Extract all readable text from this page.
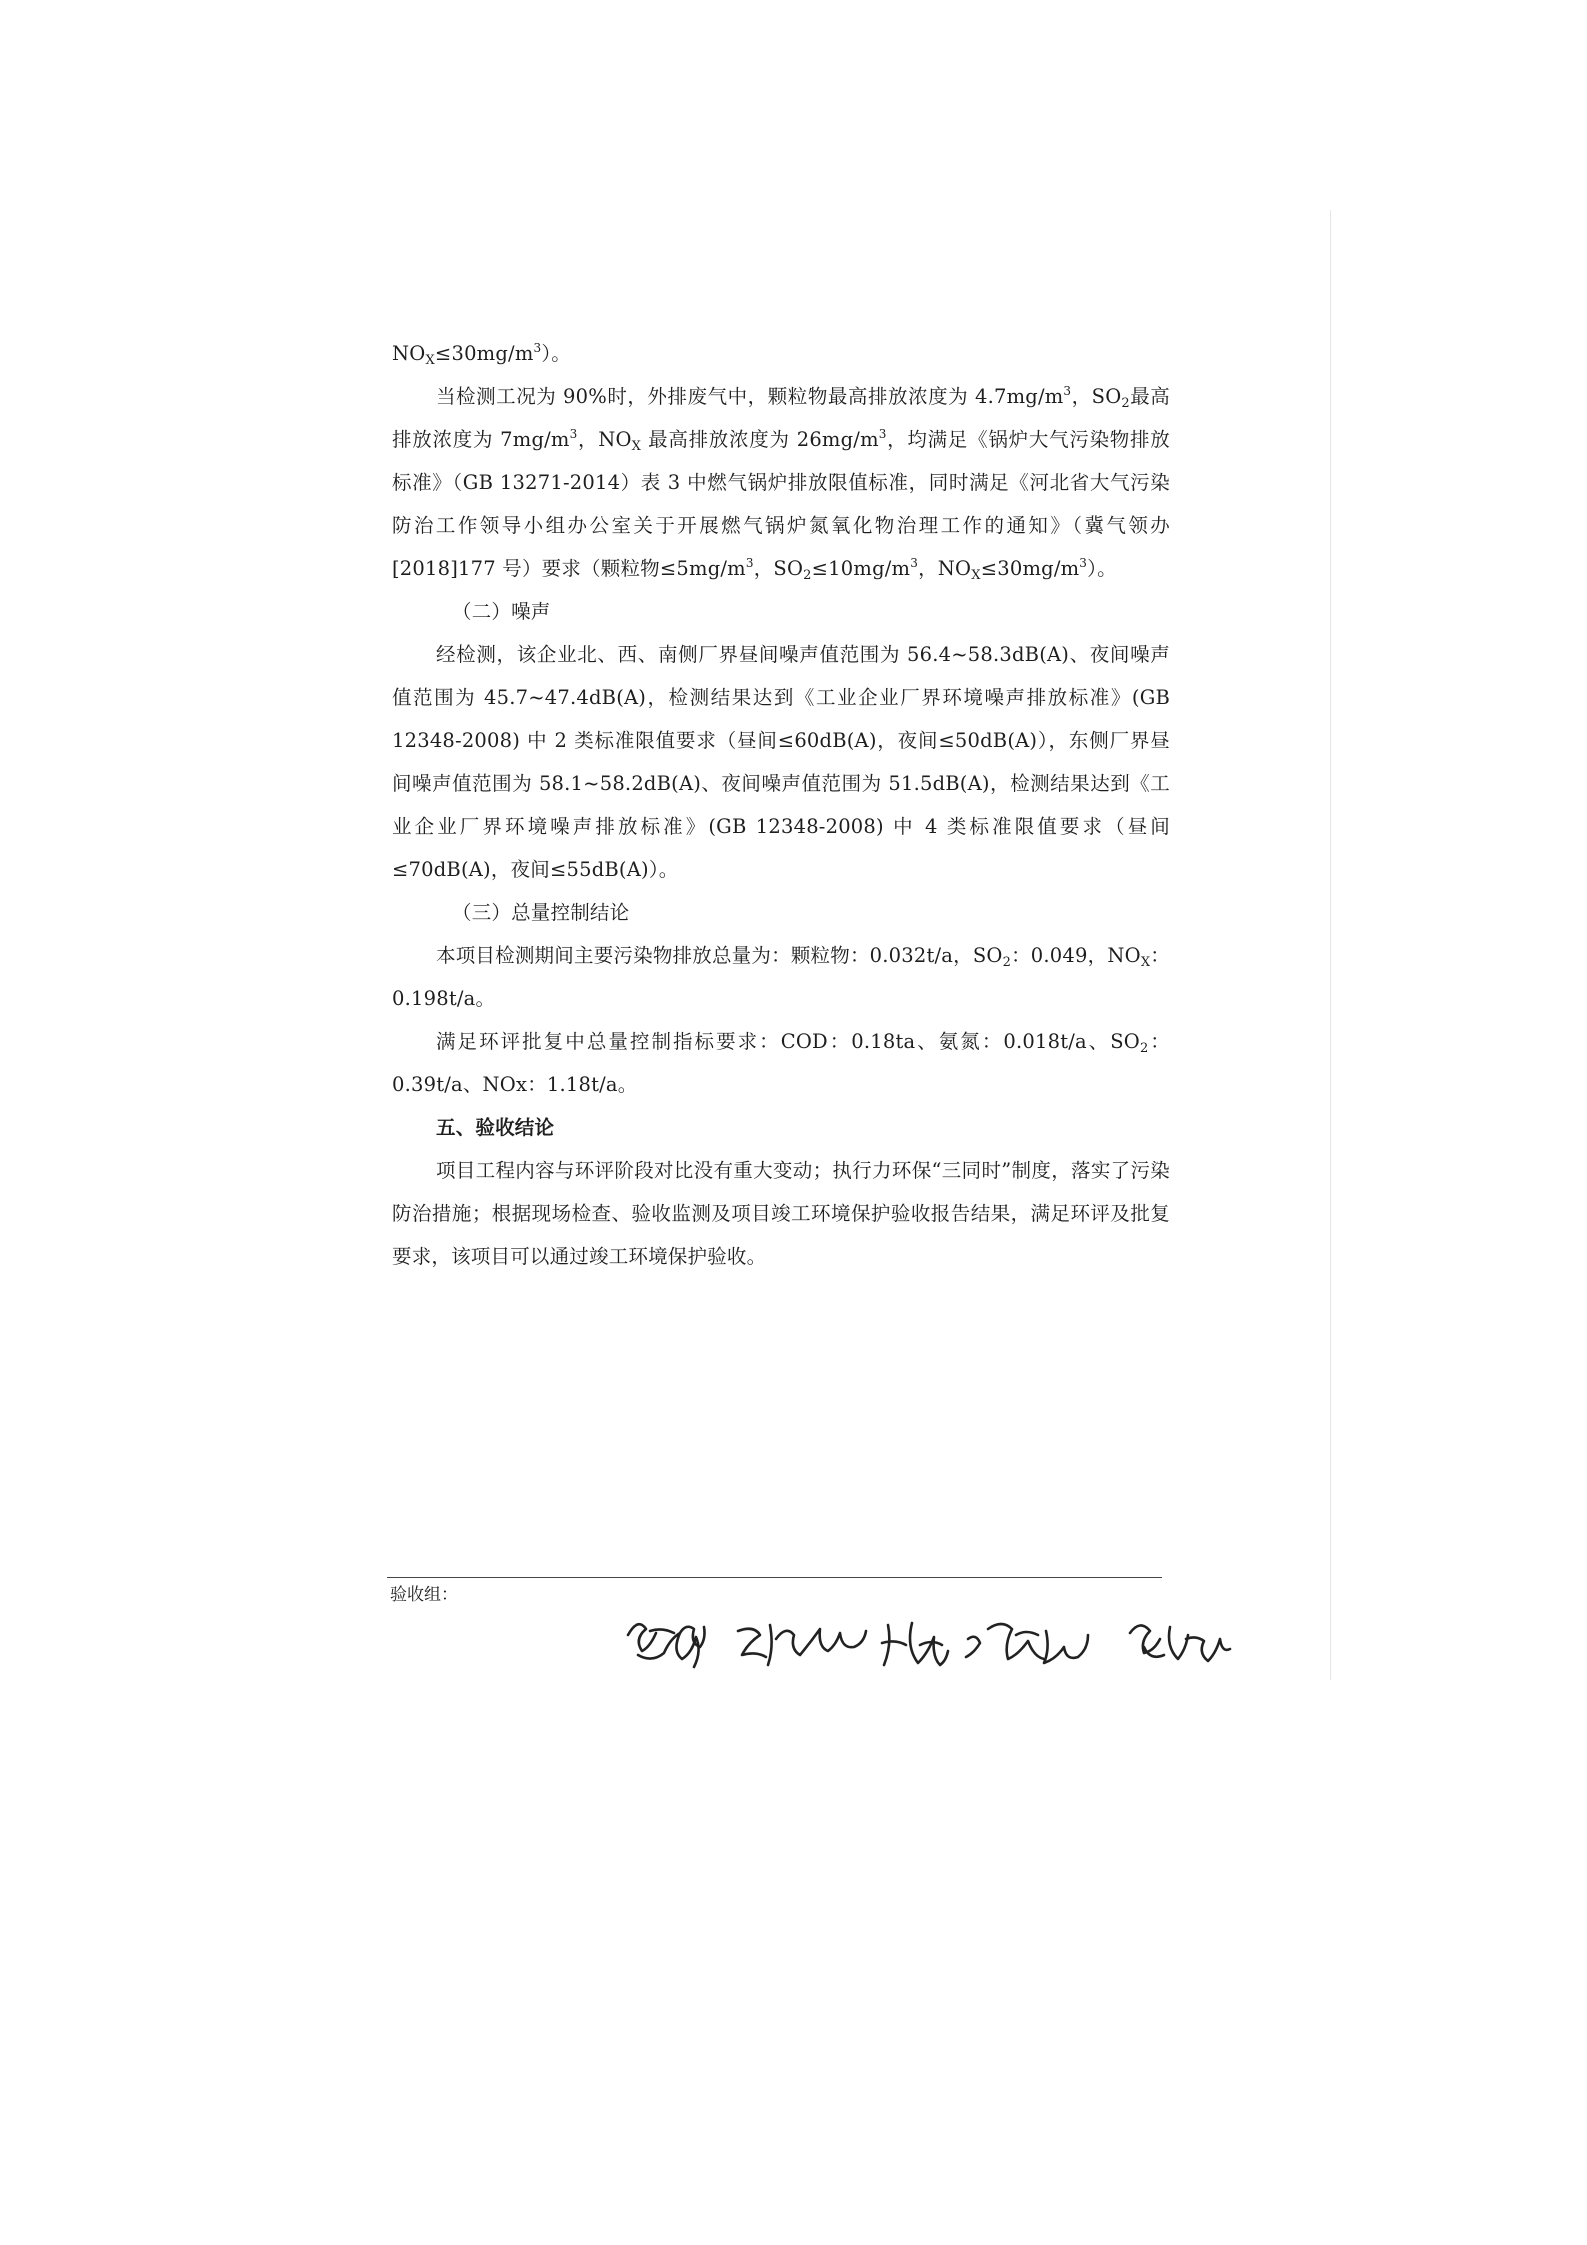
$NO_X\le 30mg/m^3$）。

当检测工况为 90%时，外排废气中，颗粒物最高排放浓度为 $4.7mg/m^3$，$SO_2$最高排放浓度为 $7mg/m^3$，$NO_X$ 最高排放浓度为 $26mg/m^3$，均满足《锅炉大气污染物排放标准》（GB 13271-2014）表 3 中燃气锅炉排放限值标准，同时满足《河北省大气污染防治工作领导小组办公室关于开展燃气锅炉氮氧化物治理工作的通知》（冀气领办[2018]177 号）要求（颗粒物$\le 5mg/m^3$，$SO_2\le 10mg/m^3$，$NO_X\le 30mg/m^3$）。

（二）噪声

经检测，该企业北、西、南侧厂界昼间噪声值范围为 56.4~58.3dB(A)、夜间噪声值范围为 45.7~47.4dB(A)，检测结果达到《工业企业厂界环境噪声排放标准》(GB 12348-2008) 中 2 类标准限值要求（昼间≤60dB(A)，夜间≤50dB(A)），东侧厂界昼间噪声值范围为 58.1~58.2dB(A)、夜间噪声值范围为 51.5dB(A)，检测结果达到《工业企业厂界环境噪声排放标准》(GB 12348-2008) 中 4 类标准限值要求（昼间≤70dB(A)，夜间≤55dB(A)）。

（三）总量控制结论

本项目检测期间主要污染物排放总量为：颗粒物：0.032t/a，$SO_2$：0.049，$NO_X$：0.198t/a。

满足环评批复中总量控制指标要求：COD：0.18ta、氨氮：0.018t/a、$SO_2$：0.39t/a、NOx：1.18t/a。

五、验收结论

项目工程内容与环评阶段对比没有重大变动；执行力环保“三同时”制度，落实了污染防治措施；根据现场检查、验收监测及项目竣工环境保护验收报告结果，满足环评及批复要求，该项目可以通过竣工环境保护验收。

验收组：
